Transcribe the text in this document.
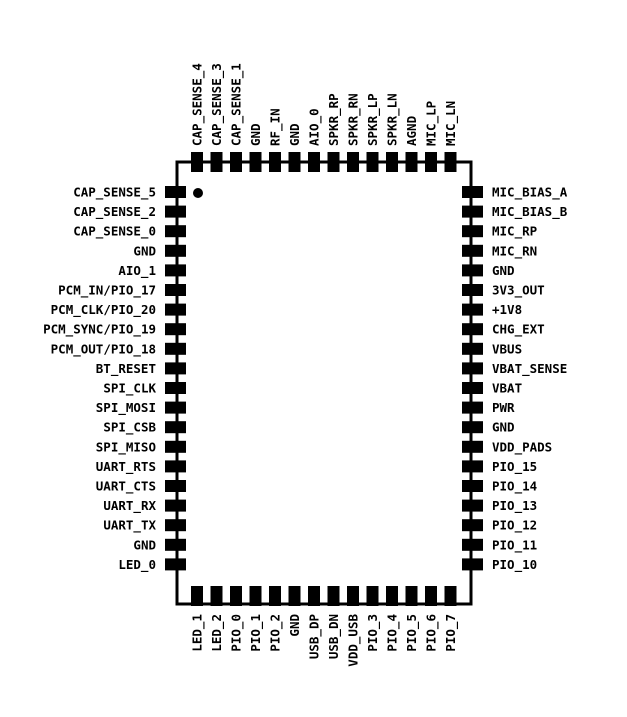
CAP_SENSE_5
CAP_SENSE_2
CAP_SENSE_0
GND
AIO_1
PCM_IN/PIO_17
PCM_CLK/PIO_20
PCM_SYNC/PIO_19
PCM_OUT/PIO_18
BT_RESET
SPI_CLK
SPI_MOSI
SPI_CSB
SPI_MISO
UART_RTS
UART_CTS
UART_RX
UART_TX
GND
LED_0
MIC_BIAS_A
MIC_BIAS_B
MIC_RP
MIC_RN
GND
3V3_OUT
+1V8
CHG_EXT
VBUS
VBAT_SENSE
VBAT
PWR
GND
VDD_PADS
PIO_15
PIO_14
PIO_13
PIO_12
PIO_11
PIO_10
CAP_SENSE_4 CAP_SENSE_3 CAP_SENSE_1 GND RF_IN GND AIO_0 SPKR_RP SPKR_RN SPKR_LP SPKR_LN AGND MIC_LP MIC_LN
LED_1 LED_2 PIO_0 PIO_1 PIO_2 GND USB_DP USB_DN VDD_USB PIO_3 PIO_4 PIO_5 PIO_6 PIO_7
